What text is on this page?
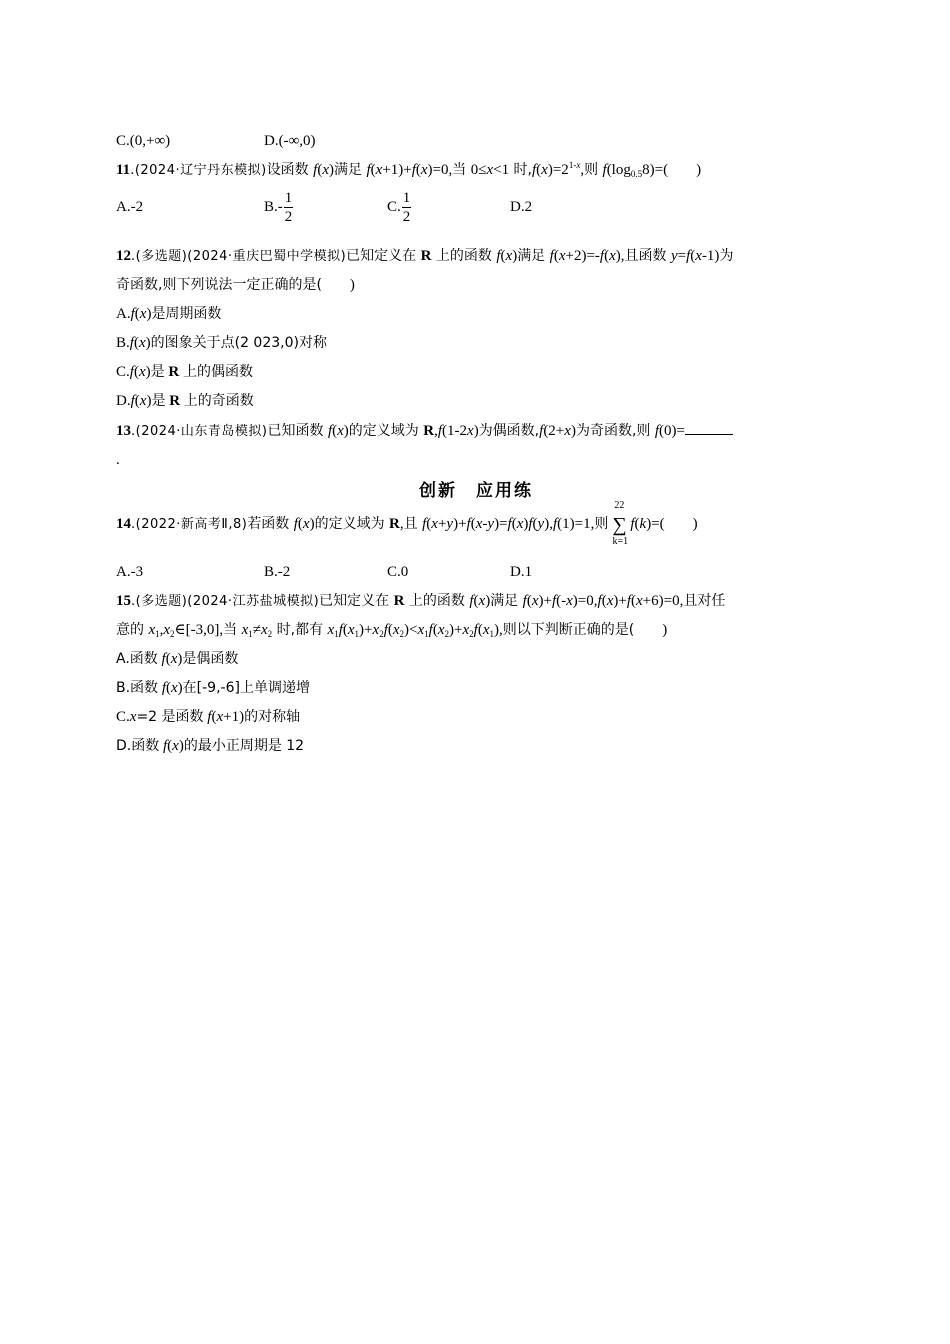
C.(0,+∞)	D.(-∞,0)
11.(2024·辽宁丹东模拟)设函数 f(x)满足 f(x+1)+f(x)=0,当 0≤x<1 时$,f(x)=2^{1-x}$,则 $f(\log_{0.5}8)=$( )
A.-2	$B.- \frac{1}{2}$	C. $\frac{1}{2}$	D.2
12.(多选题)(2024·重庆巴蜀中学模拟)已知定义在 R 上的函数 f(x)满足 f(x+2)=-f(x),且函数 y=f(x-1)为
奇函数,则下列说法一定正确的是( )
A.f(x)是周期函数
B.f(x)的图象关于点(2 023,0)对称
C.f(x)是 R 上的偶函数
D.f(x)是 R 上的奇函数
13.(2024·山东青岛模拟)已知函数 f(x)的定义域为 R,f(1-2x)为偶函数,f(2+x)为奇函数,则 f(0)=
.
创新　应用练
14.(2022·新高考Ⅱ,8)若函数 f(x)的定义域为 R,且 f(x+y)+f(x-y)=f(x)f(y),f(1)=1,则
22
∑
k=1
f(k)=( )
A.-3	B.-2	C.0	D.1
15.(多选题)(2024·江苏盐城模拟)已知定义在 R 上的函数 f(x)满足 f(x)+f(-x)=0,f(x)+f(x+6)=0,且对任
意的 $x_1,x_2\in[-3,0]$,当 $x_1\ne x_2$ 时,都有 $x_1f(x_1)+x_2f(x_2)<x_1f(x_2)+x_2f(x_1)$,则以下判断正确的是( )
A.函数 f(x)是偶函数
B.函数 f(x)在[-9,-6]上单调递增
C.x=2 是函数 f(x+1)的对称轴
D.函数 f(x)的最小正周期是 12
